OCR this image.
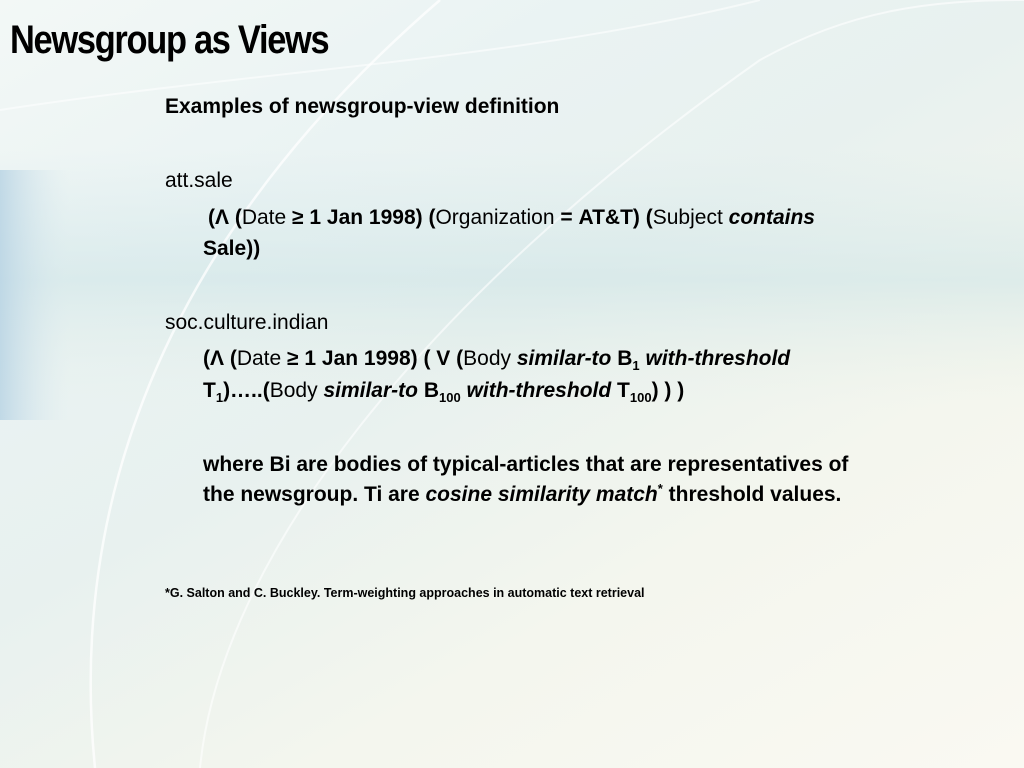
Newsgroup as Views
Examples of newsgroup-view definition
att.sale
(Λ (Date ≥ 1 Jan 1998) (Organization = AT&T) (Subject contains
Sale))
soc.culture.indian
(Λ (Date ≥ 1 Jan 1998) ( V (Body similar-to $B_1$ with-threshold
$T_1)\dots..(Body$ similar-to $B_{100}$ with-threshold $T_{100}$) ) )
where Bi are bodies of typical-articles that are representatives of
the newsgroup. Ti are cosine similarity match* threshold values.
*G. Salton and C. Buckley. Term-weighting approaches in automatic text retrieval
